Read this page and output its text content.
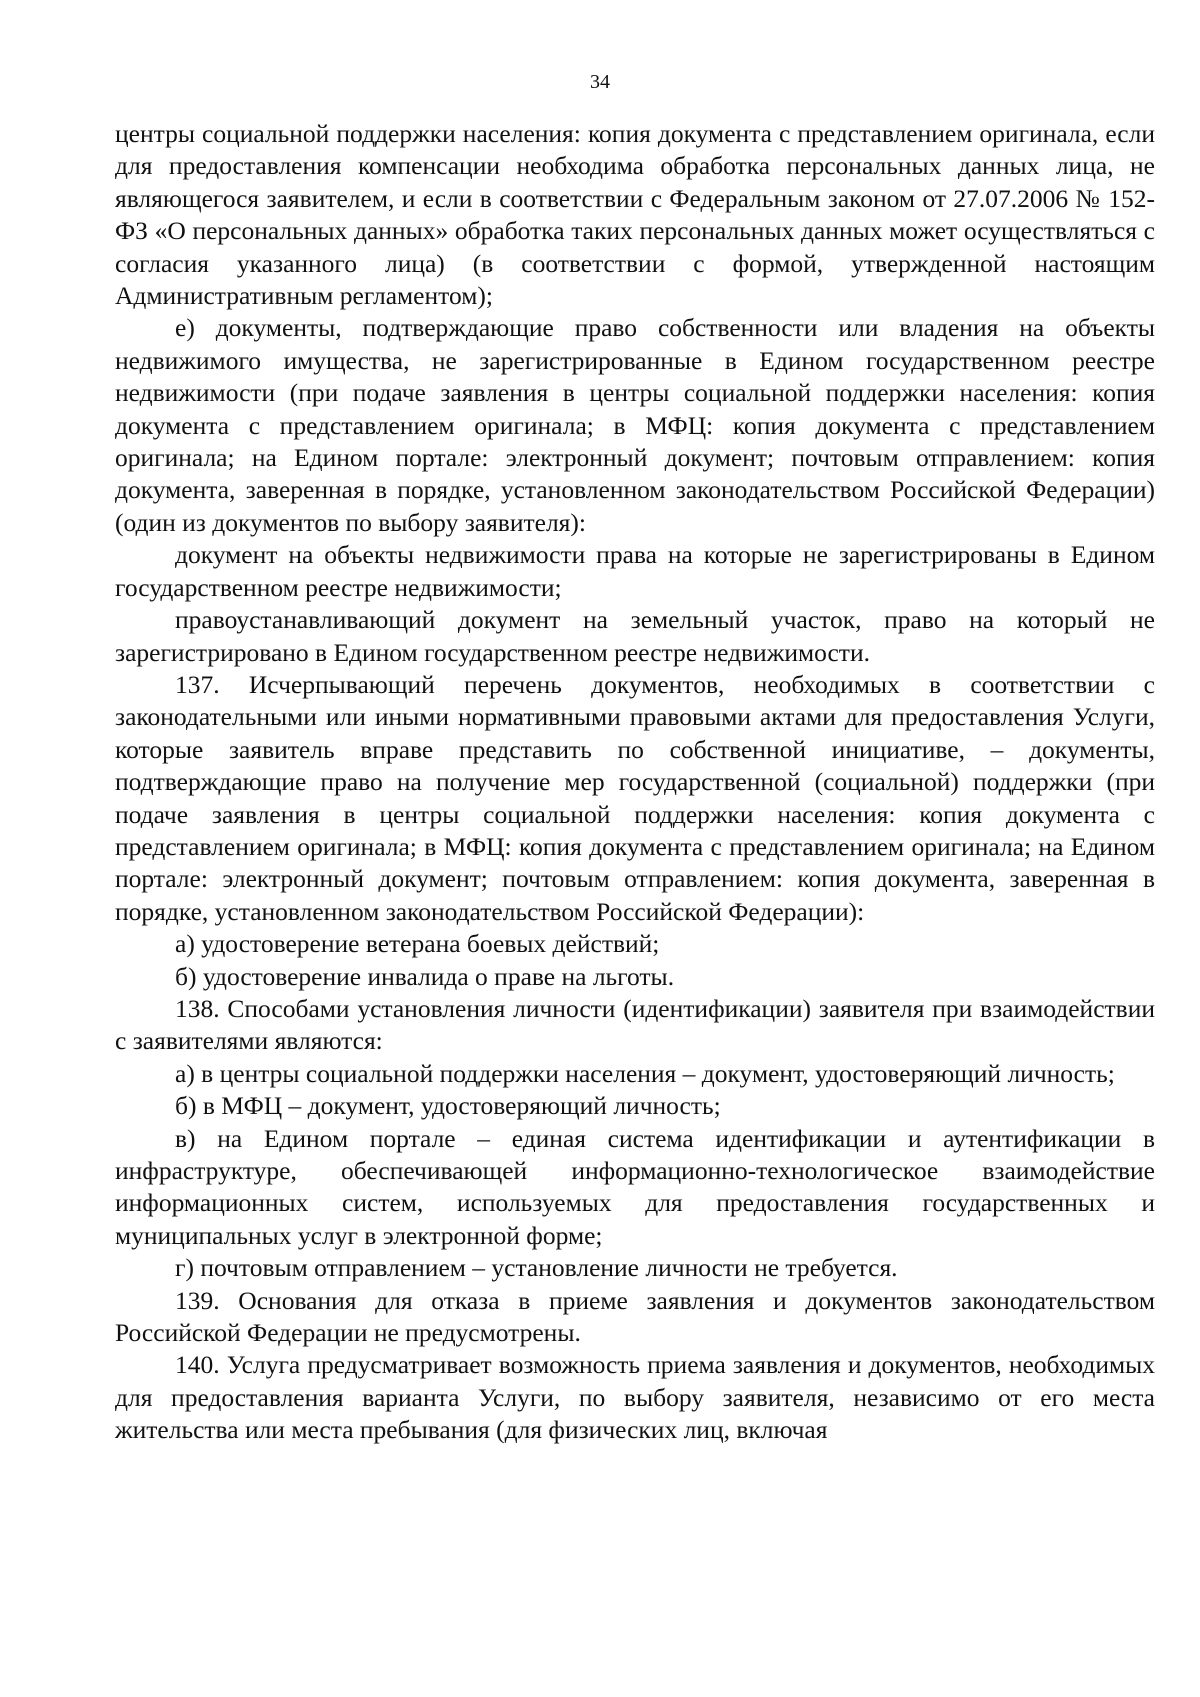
34

центры социальной поддержки населения: копия документа с представлением оригинала, если для предоставления компенсации необходима обработка персональных данных лица, не являющегося заявителем, и если в соответствии с Федеральным законом от 27.07.2006 № 152-ФЗ «О персональных данных» обработка таких персональных данных может осуществляться с согласия указанного лица) (в соответствии с формой, утвержденной настоящим Административным регламентом);

е) документы, подтверждающие право собственности или владения на объекты недвижимого имущества, не зарегистрированные в Едином государственном реестре недвижимости (при подаче заявления в центры социальной поддержки населения: копия документа с представлением оригинала; в МФЦ: копия документа с представлением оригинала; на Едином портале: электронный документ; почтовым отправлением: копия документа, заверенная в порядке, установленном законодательством Российской Федерации) (один из документов по выбору заявителя):

документ на объекты недвижимости права на которые не зарегистрированы в Едином государственном реестре недвижимости;

правоустанавливающий документ на земельный участок, право на который не зарегистрировано в Едином государственном реестре недвижимости.

137. Исчерпывающий перечень документов, необходимых в соответствии с законодательными или иными нормативными правовыми актами для предоставления Услуги, которые заявитель вправе представить по собственной инициативе, – документы, подтверждающие право на получение мер государственной (социальной) поддержки (при подаче заявления в центры социальной поддержки населения: копия документа с представлением оригинала; в МФЦ: копия документа с представлением оригинала; на Едином портале: электронный документ; почтовым отправлением: копия документа, заверенная в порядке, установленном законодательством Российской Федерации):

а) удостоверение ветерана боевых действий;

б) удостоверение инвалида о праве на льготы.

138. Способами установления личности (идентификации) заявителя при взаимодействии с заявителями являются:

а) в центры социальной поддержки населения – документ, удостоверяющий личность;

б) в МФЦ – документ, удостоверяющий личность;

в) на Едином портале – единая система идентификации и аутентификации в инфраструктуре, обеспечивающей информационно-технологическое взаимодействие информационных систем, используемых для предоставления государственных и муниципальных услуг в электронной форме;

г) почтовым отправлением – установление личности не требуется.

139. Основания для отказа в приеме заявления и документов законодательством Российской Федерации не предусмотрены.

140. Услуга предусматривает возможность приема заявления и документов, необходимых для предоставления варианта Услуги, по выбору заявителя, независимо от его места жительства или места пребывания (для физических лиц, включая
